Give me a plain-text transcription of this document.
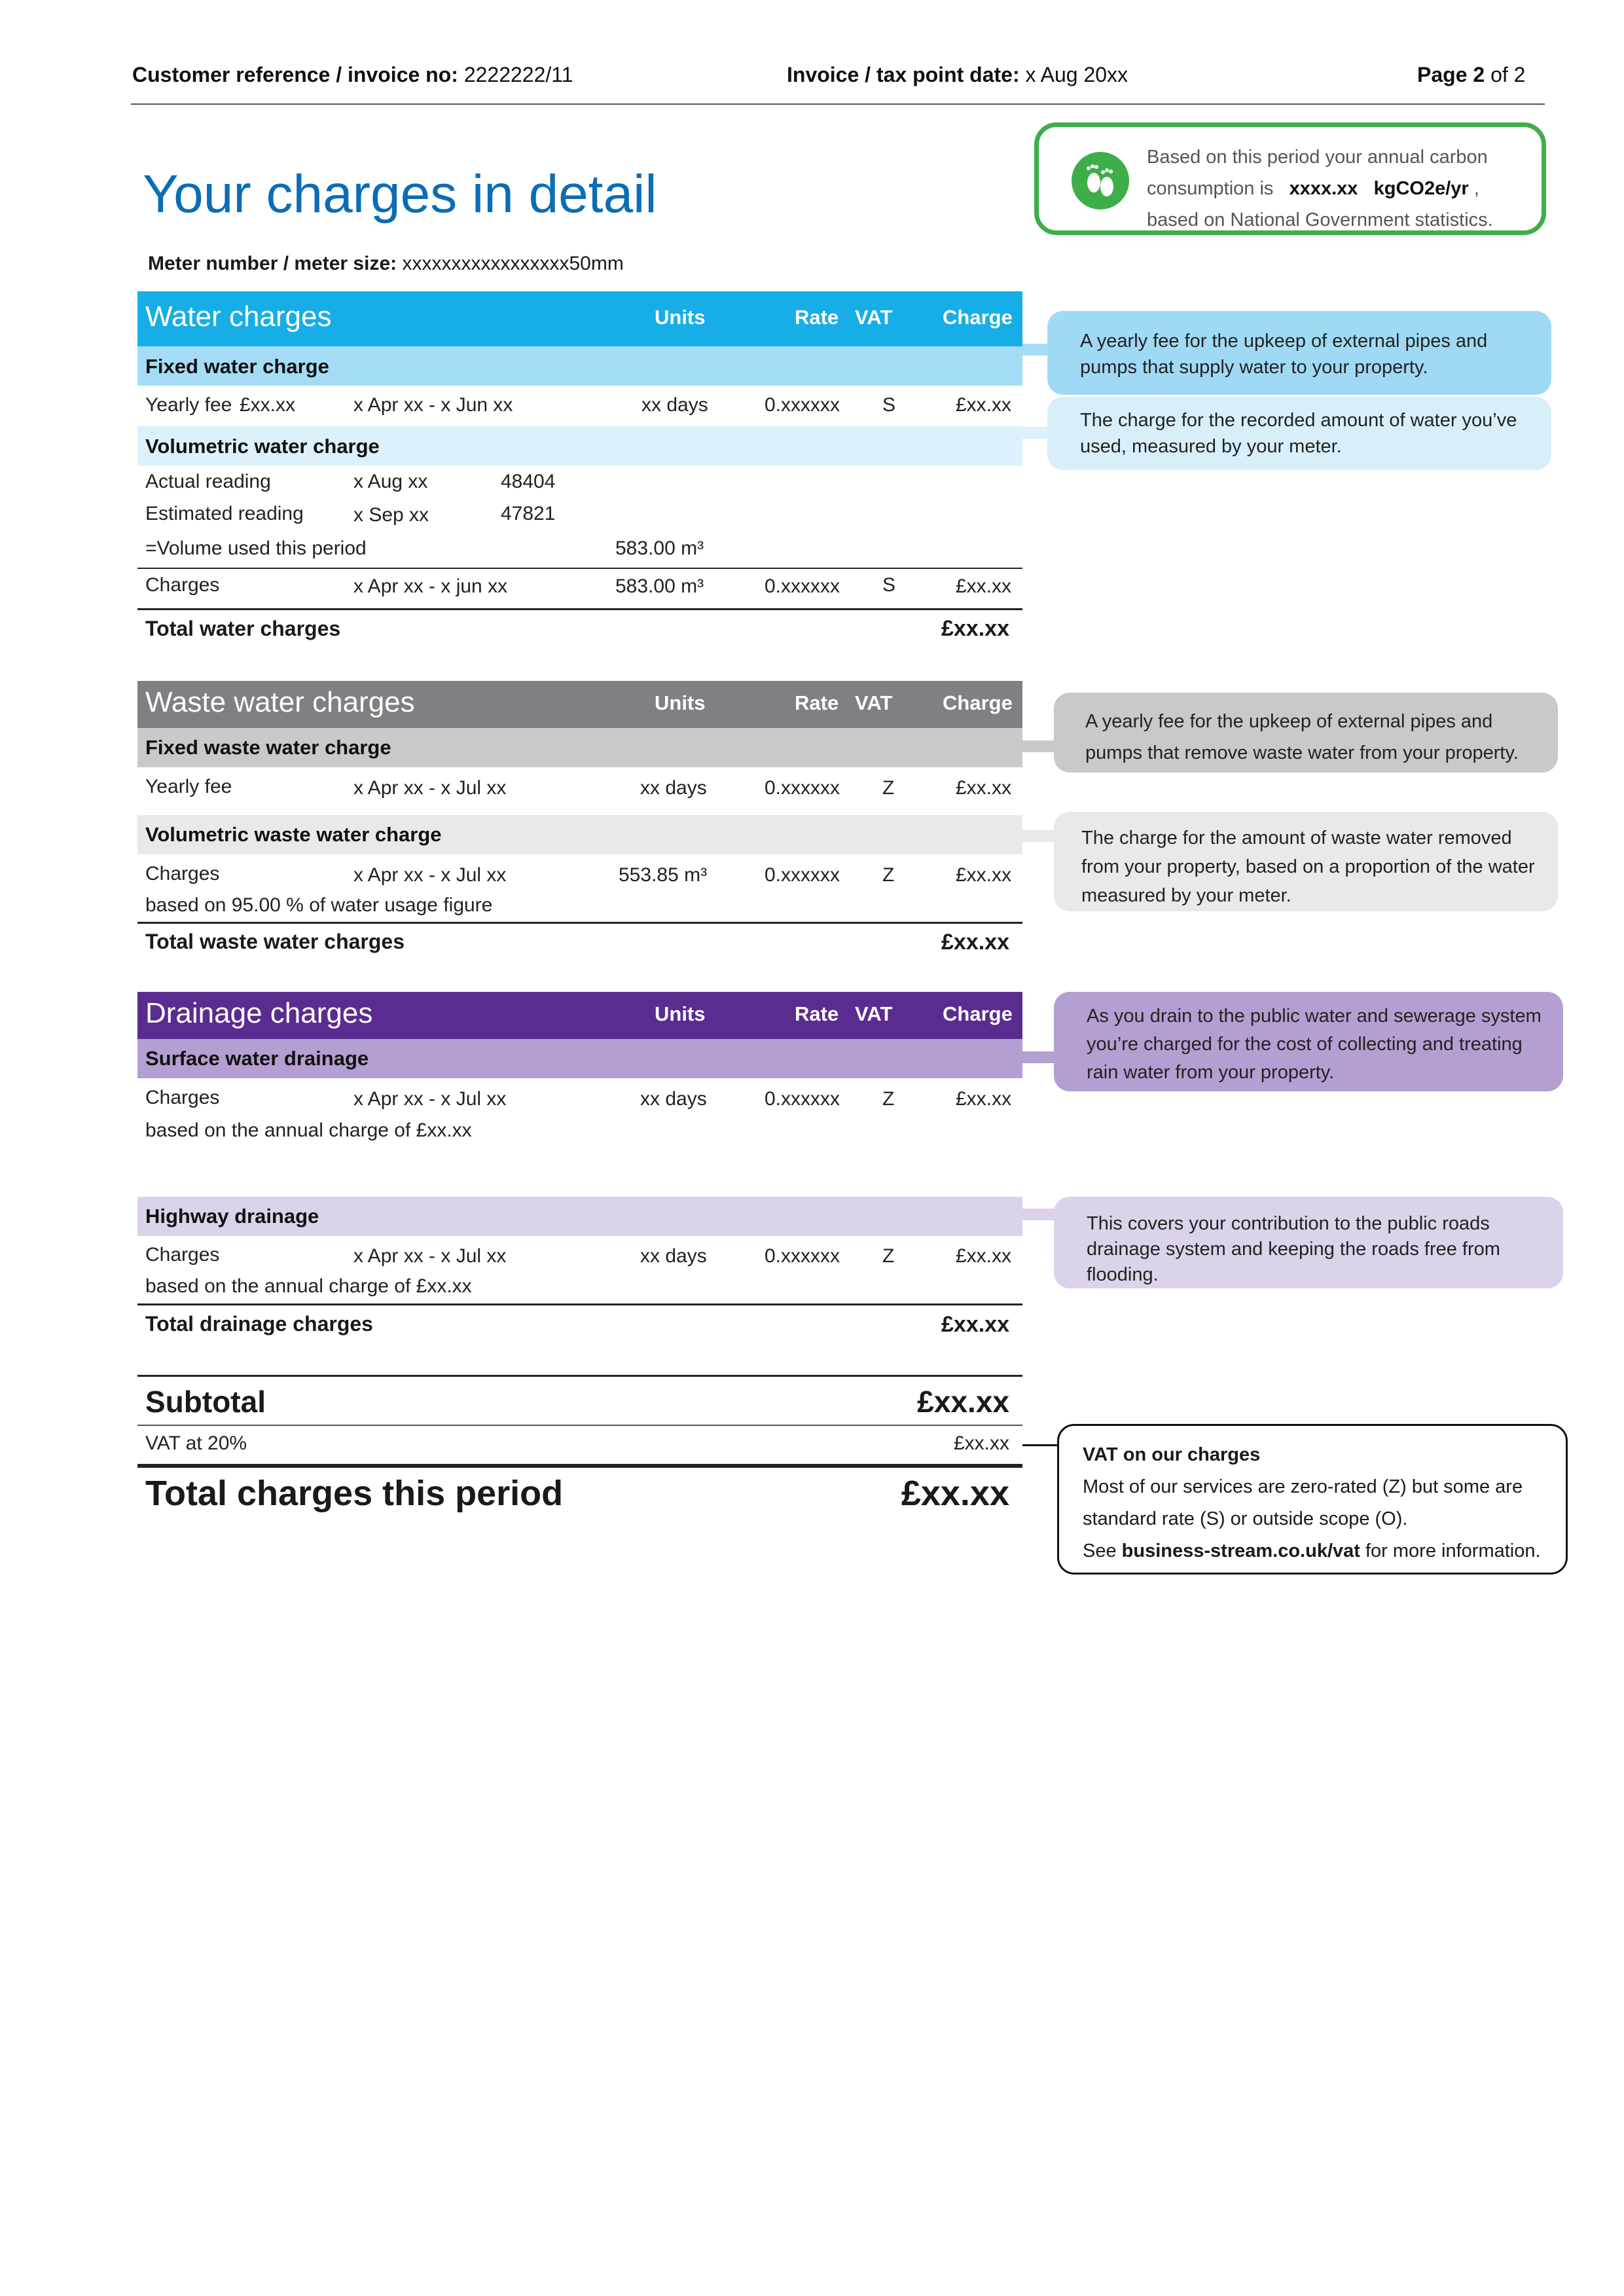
Customer reference / invoice no: 2222222/11	Invoice / tax point date: x Aug 20xx	Page 2 of 2
Your charges in detail
Meter number / meter size: xxxxxxxxxxxxxxxxx50mm
Based on this period your annual carbon
consumption is xxxx.xx kgCO2e/yr ,
based on National Government statistics.
Water charges	Units	Rate VAT Charge
Fixed water charge
Yearly fee £xx.xx	x Apr xx - x Jun xx	xx days	0.xxxxxx S	£xx.xx
Volumetric water charge
Actual reading	x Aug xx	48404
Estimated reading	x Sep xx	47821
=Volume used this period	583.00 m³
Charges	x Apr xx - x jun xx	583.00 m³	0.xxxxxx S	£xx.xx
Total water charges	£xx.xx
A yearly fee for the upkeep of external pipes and pumps that supply water to your property.
The charge for the recorded amount of water you’ve used, measured by your meter.
Waste water charges	Units	Rate VAT Charge
Fixed waste water charge
Yearly fee	x Apr xx - x Jul xx	xx days	0.xxxxxx Z	£xx.xx
Volumetric waste water charge
Charges	x Apr xx - x Jul xx	553.85 m³	0.xxxxxx Z	£xx.xx
based on 95.00 % of water usage figure
Total waste water charges	£xx.xx
A yearly fee for the upkeep of external pipes and pumps that remove waste water from your property.
The charge for the amount of waste water removed from your property, based on a proportion of the water measured by your meter.
Drainage charges	Units	Rate VAT Charge
Surface water drainage
Charges	x Apr xx - x Jul xx	xx days	0.xxxxxx Z	£xx.xx
based on the annual charge of £xx.xx
Highway drainage
Charges	x Apr xx - x Jul xx	xx days	0.xxxxxx Z	£xx.xx
based on the annual charge of £xx.xx
Total drainage charges	£xx.xx
As you drain to the public water and sewerage system you’re charged for the cost of collecting and treating rain water from your property.
This covers your contribution to the public roads drainage system and keeping the roads free from flooding.
Subtotal	£xx.xx
VAT at 20%	£xx.xx
Total charges this period	£xx.xx
VAT on our charges
Most of our services are zero-rated (Z) but some are
standard rate (S) or outside scope (O).
See business-stream.co.uk/vat for more information.
